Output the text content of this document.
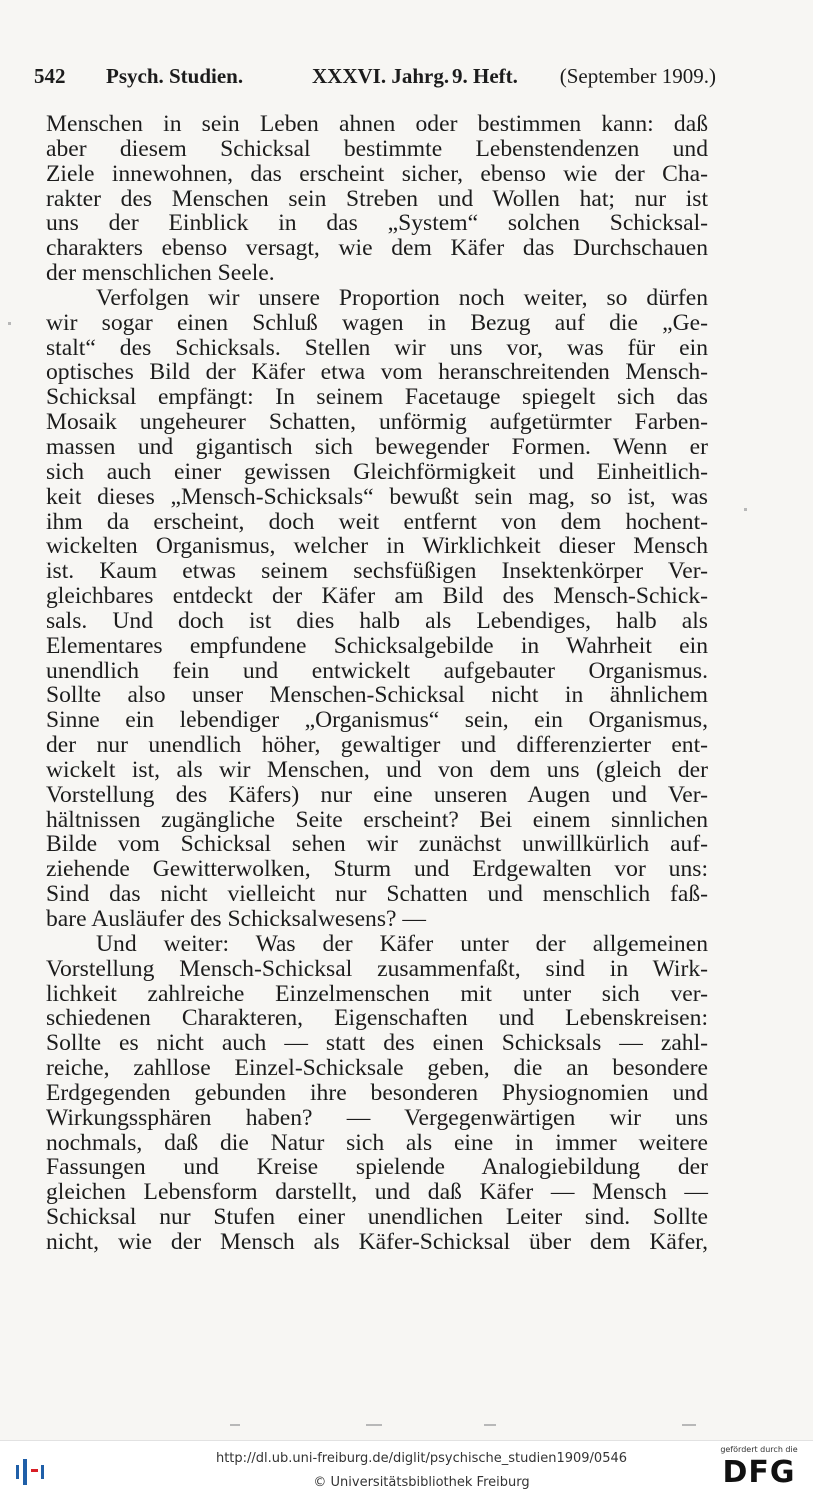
542 Psych. Studien.	XXXVI. Jahrg. 9. Heft. (September 1909.)
Menschen in sein Leben ahnen oder bestimmen kann: daß
aber diesem Schicksal bestimmte Lebenstendenzen und
Ziele innewohnen, das erscheint sicher, ebenso wie der Cha-
rakter des Menschen sein Streben und Wollen hat; nur ist
uns der Einblick in das „System“ solchen Schicksal-
charakters ebenso versagt, wie dem Käfer das Durchschauen
der menschlichen Seele.
Verfolgen wir unsere Proportion noch weiter, so dürfen
wir sogar einen Schluß wagen in Bezug auf die „Ge-
stalt“ des Schicksals. Stellen wir uns vor, was für ein
optisches Bild der Käfer etwa vom heranschreitenden Mensch-
Schicksal empfängt: In seinem Facetauge spiegelt sich das
Mosaik ungeheurer Schatten, unförmig aufgetürmter Farben-
massen und gigantisch sich bewegender Formen. Wenn er
sich auch einer gewissen Gleichförmigkeit und Einheitlich-
keit dieses „Mensch-Schicksals“ bewußt sein mag, so ist, was
ihm da erscheint, doch weit entfernt von dem hochent-
wickelten Organismus, welcher in Wirklichkeit dieser Mensch
ist. Kaum etwas seinem sechsfüßigen Insektenkörper Ver-
gleichbares entdeckt der Käfer am Bild des Mensch-Schick-
sals. Und doch ist dies halb als Lebendiges, halb als
Elementares empfundene Schicksalgebilde in Wahrheit ein
unendlich fein und entwickelt aufgebauter Organismus.
Sollte also unser Menschen-Schicksal nicht in ähnlichem
Sinne ein lebendiger „Organismus“ sein, ein Organismus,
der nur unendlich höher, gewaltiger und differenzierter ent-
wickelt ist, als wir Menschen, und von dem uns (gleich der
Vorstellung des Käfers) nur eine unseren Augen und Ver-
hältnissen zugängliche Seite erscheint? Bei einem sinnlichen
Bilde vom Schicksal sehen wir zunächst unwillkürlich auf-
ziehende Gewitterwolken, Sturm und Erdgewalten vor uns:
Sind das nicht vielleicht nur Schatten und menschlich faß-
bare Ausläufer des Schicksalwesens? —
Und weiter: Was der Käfer unter der allgemeinen
Vorstellung Mensch-Schicksal zusammenfaßt, sind in Wirk-
lichkeit zahlreiche Einzelmenschen mit unter sich ver-
schiedenen Charakteren, Eigenschaften und Lebenskreisen:
Sollte es nicht auch — statt des einen Schicksals — zahl-
reiche, zahllose Einzel-Schicksale geben, die an besondere
Erdgegenden gebunden ihre besonderen Physiognomien und
Wirkungssphären haben? — Vergegenwärtigen wir uns
nochmals, daß die Natur sich als eine in immer weitere
Fassungen und Kreise spielende Analogiebildung der
gleichen Lebensform darstellt, und daß Käfer — Mensch —
Schicksal nur Stufen einer unendlichen Leiter sind. Sollte
nicht, wie der Mensch als Käfer-Schicksal über dem Käfer,
http://dl.ub.uni-freiburg.de/diglit/psychische_studien1909/0546
© Universitätsbibliothek Freiburg
gefördert durch die
DFG
